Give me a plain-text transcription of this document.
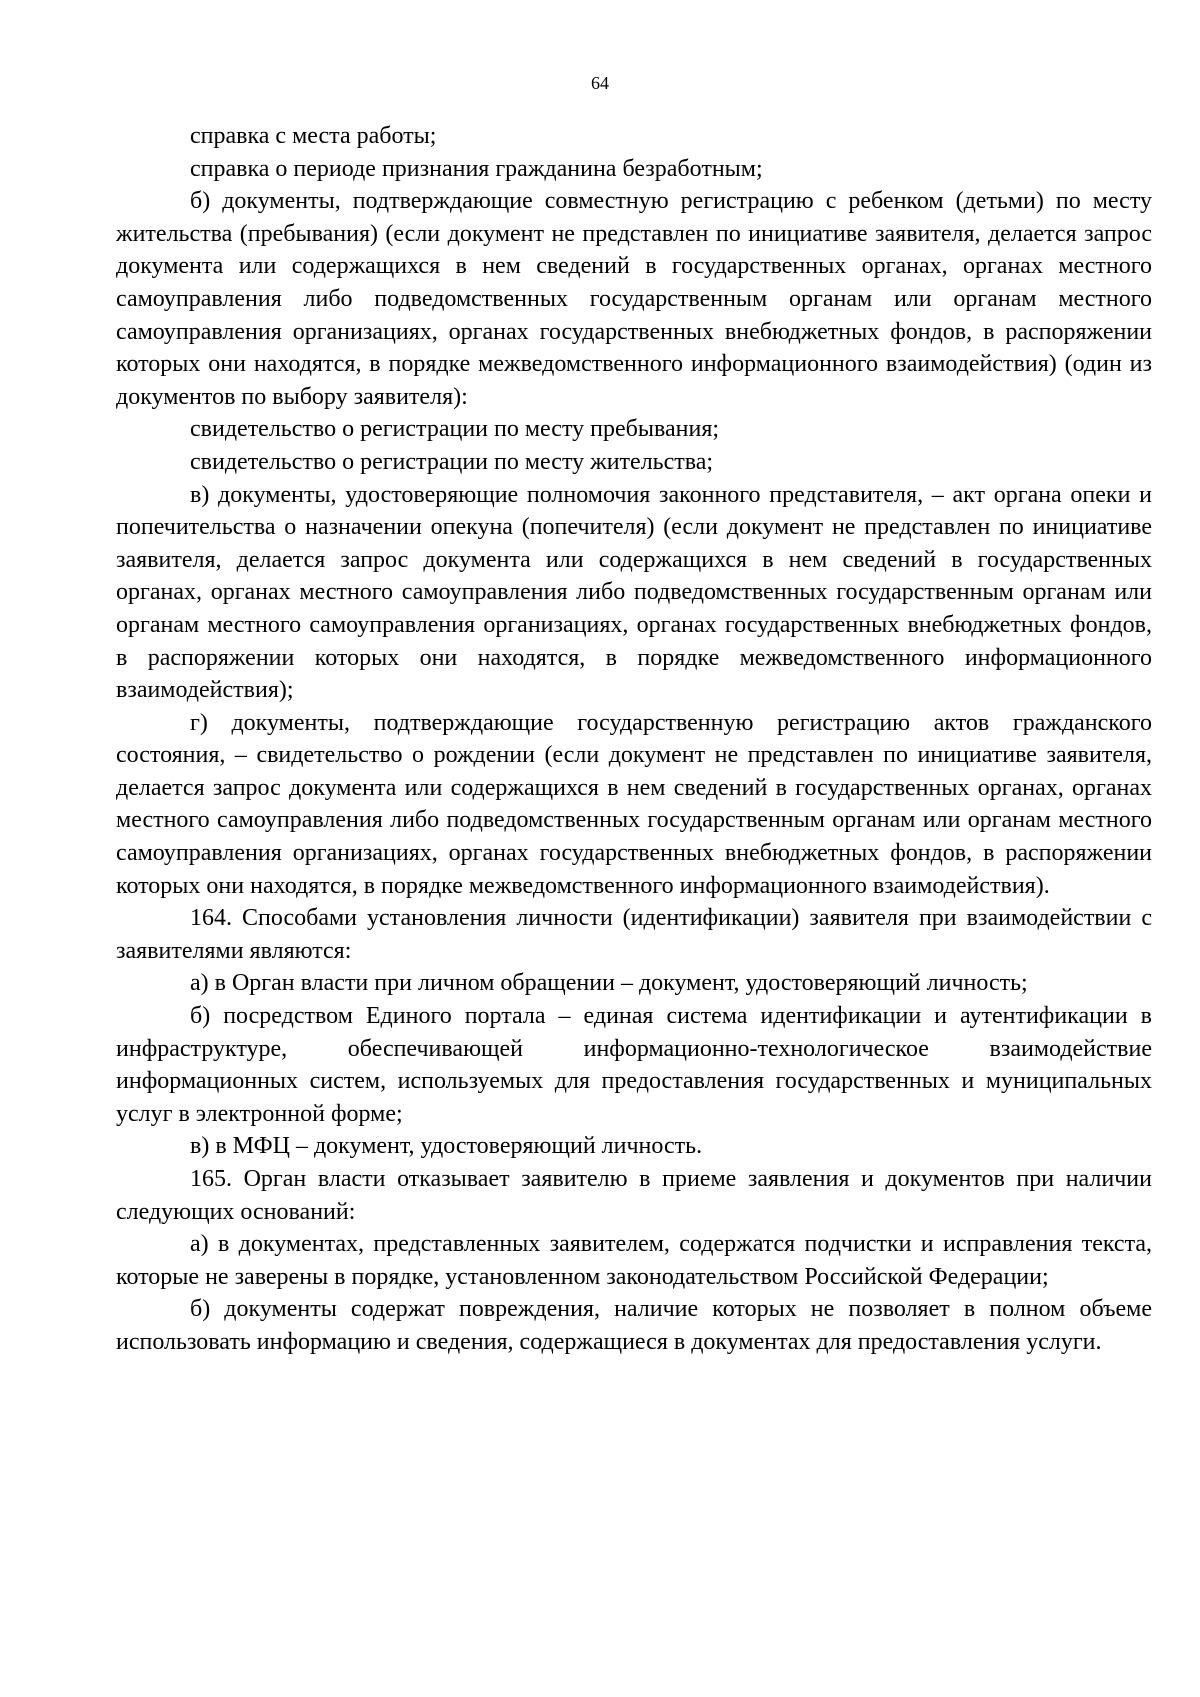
64

справка с места работы;

справка о периоде признания гражданина безработным;

б) документы, подтверждающие совместную регистрацию с ребенком (детьми) по месту жительства (пребывания) (если документ не представлен по инициативе заявителя, делается запрос документа или содержащихся в нем сведений в государственных органах, органах местного самоуправления либо подведомственных государственным органам или органам местного самоуправления организациях, органах государственных внебюджетных фондов, в распоряжении которых они находятся, в порядке межведомственного информационного взаимодействия) (один из документов по выбору заявителя):

свидетельство о регистрации по месту пребывания;

свидетельство о регистрации по месту жительства;

в) документы, удостоверяющие полномочия законного представителя, – акт органа опеки и попечительства о назначении опекуна (попечителя) (если документ не представлен по инициативе заявителя, делается запрос документа или содержащихся в нем сведений в государственных органах, органах местного самоуправления либо подведомственных государственным органам или органам местного самоуправления организациях, органах государственных внебюджетных фондов, в распоряжении которых они находятся, в порядке межведомственного информационного взаимодействия);

г) документы, подтверждающие государственную регистрацию актов гражданского состояния, – свидетельство о рождении (если документ не представлен по инициативе заявителя, делается запрос документа или содержащихся в нем сведений в государственных органах, органах местного самоуправления либо подведомственных государственным органам или органам местного самоуправления организациях, органах государственных внебюджетных фондов, в распоряжении которых они находятся, в порядке межведомственного информационного взаимодействия).

164. Способами установления личности (идентификации) заявителя при взаимодействии с заявителями являются:

а) в Орган власти при личном обращении – документ, удостоверяющий личность;

б) посредством Единого портала – единая система идентификации и аутентификации в инфраструктуре, обеспечивающей информационно-технологическое взаимодействие информационных систем, используемых для предоставления государственных и муниципальных услуг в электронной форме;

в) в МФЦ – документ, удостоверяющий личность.

165. Орган власти отказывает заявителю в приеме заявления и документов при наличии следующих оснований:

а) в документах, представленных заявителем, содержатся подчистки и исправления текста, которые не заверены в порядке, установленном законодательством Российской Федерации;

б) документы содержат повреждения, наличие которых не позволяет в полном объеме использовать информацию и сведения, содержащиеся в документах для предоставления услуги.
